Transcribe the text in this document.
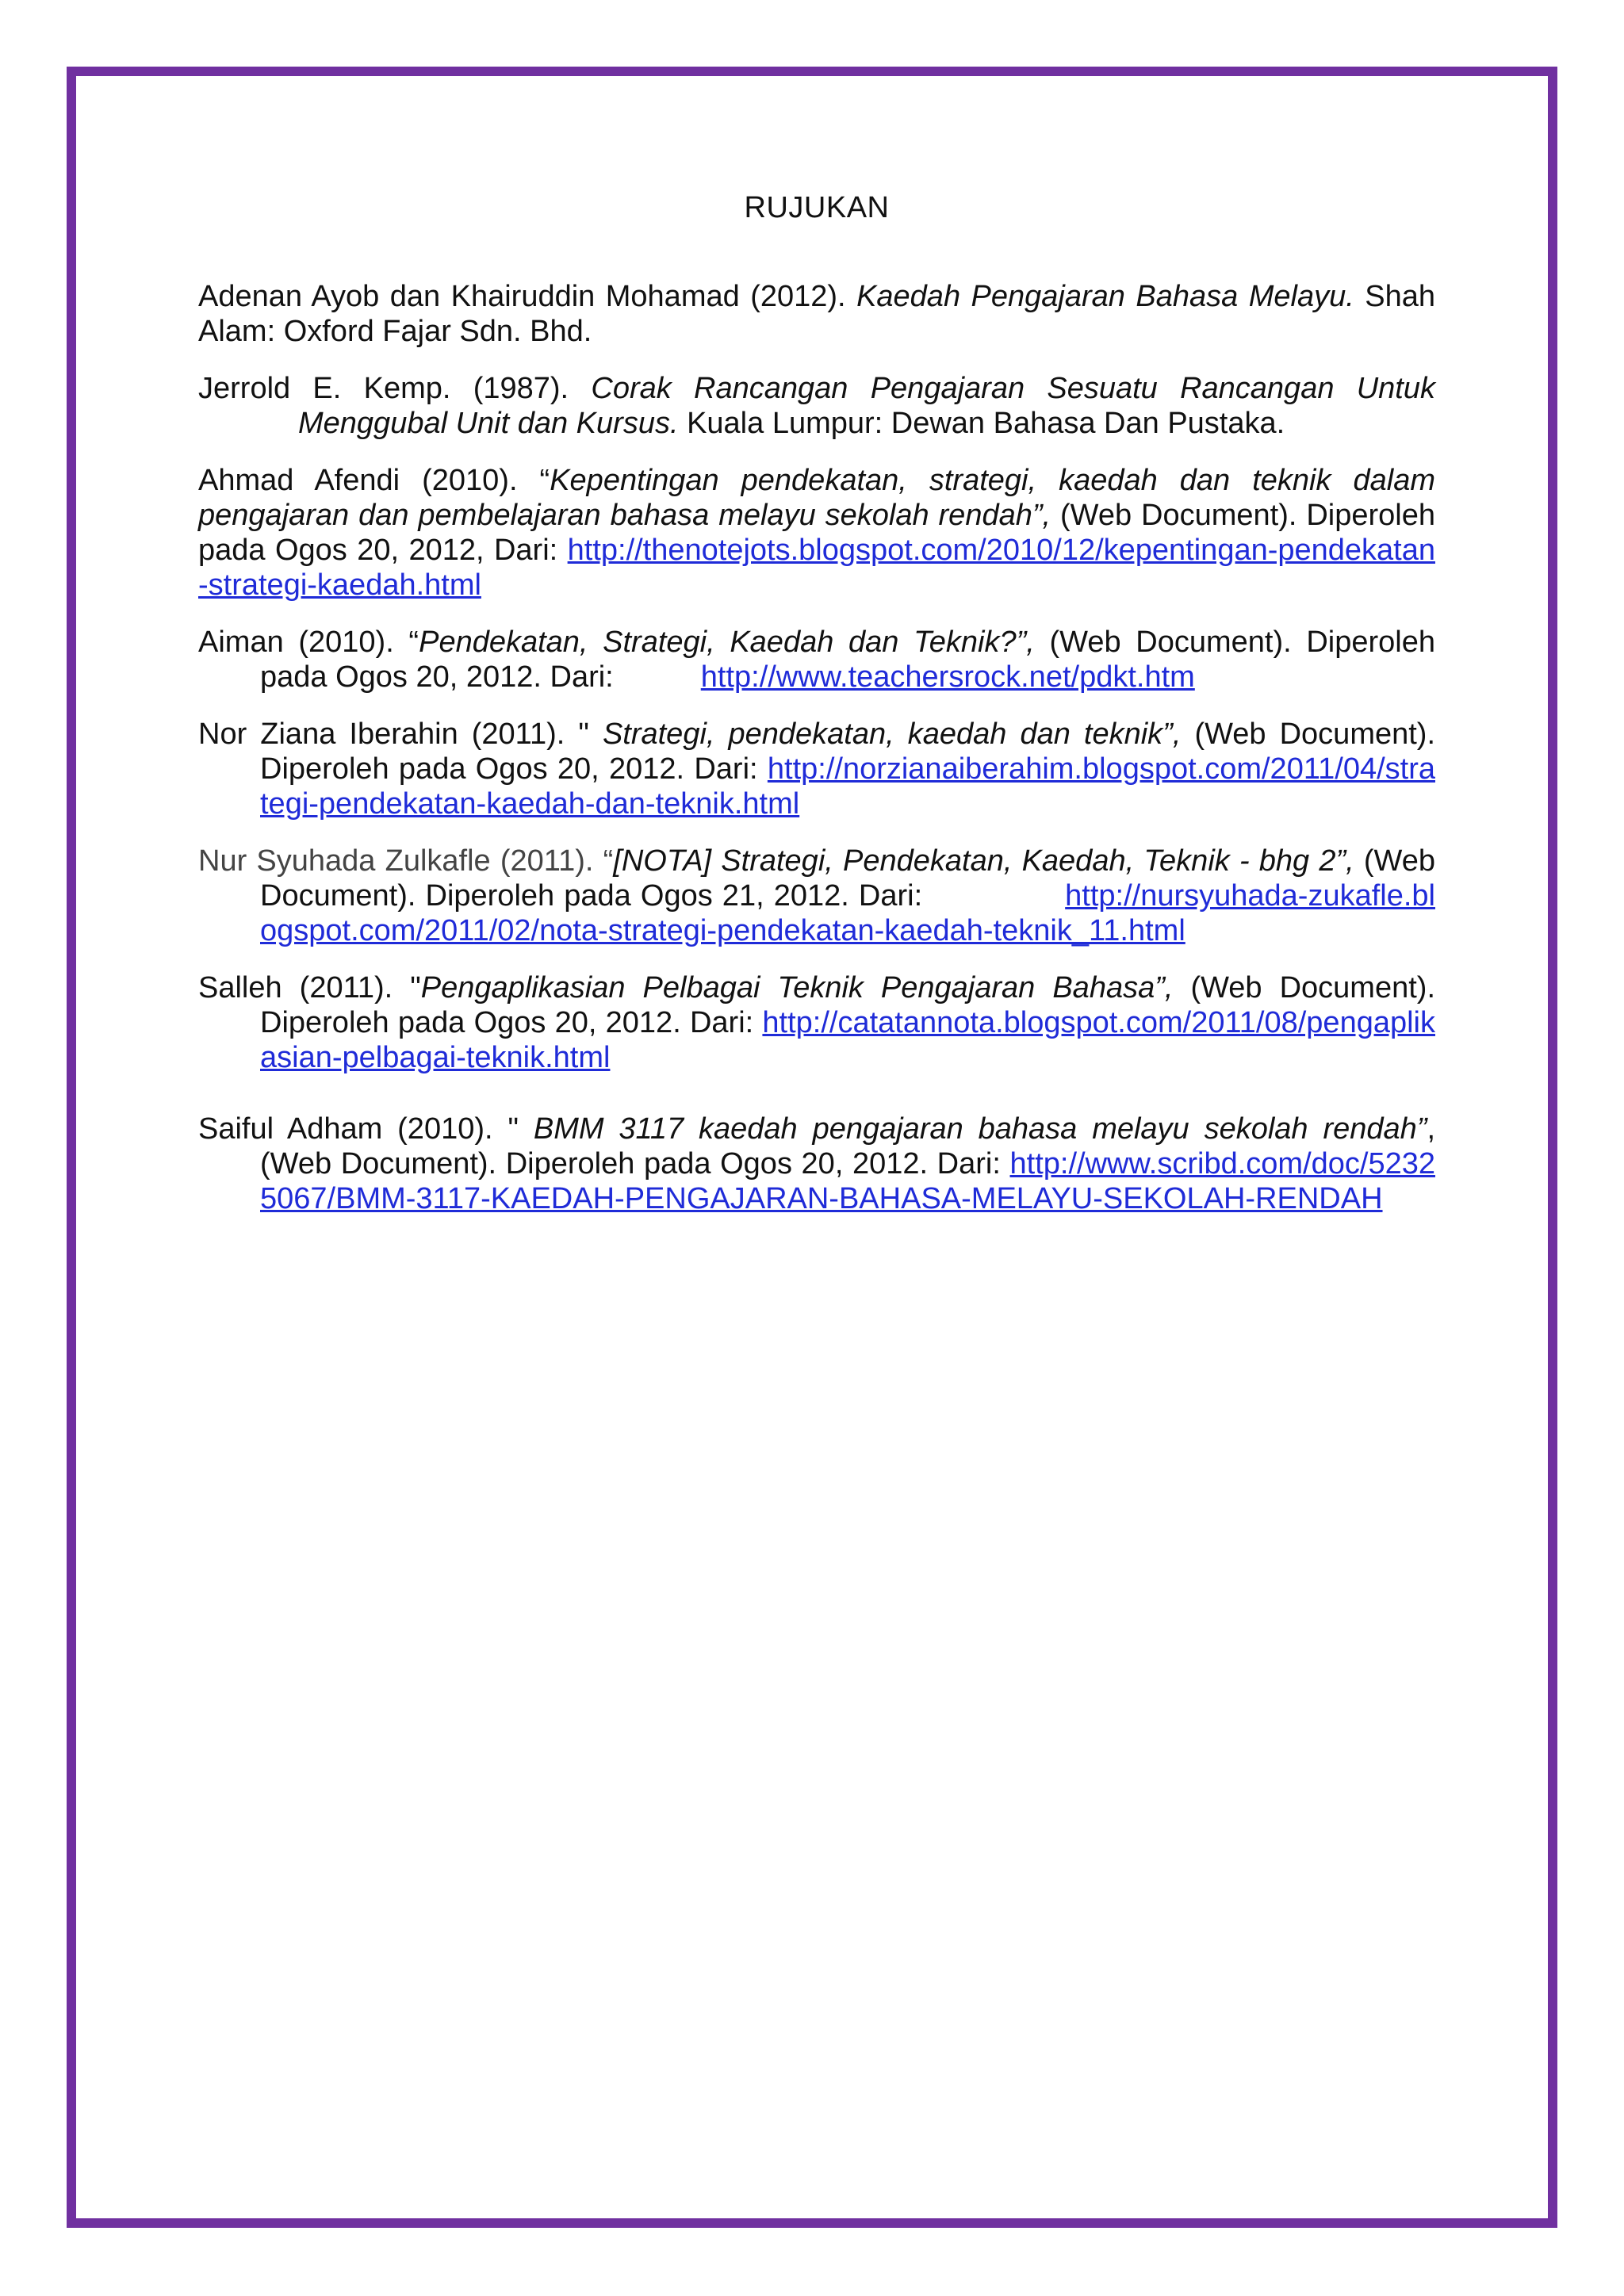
RUJUKAN

Adenan Ayob dan Khairuddin Mohamad (2012). Kaedah Pengajaran Bahasa Melayu. Shah Alam: Oxford Fajar Sdn. Bhd.

Jerrold E. Kemp. (1987). Corak Rancangan Pengajaran Sesuatu Rancangan Untuk Menggubal Unit dan Kursus. Kuala Lumpur: Dewan Bahasa Dan Pustaka.

Ahmad Afendi (2010). “Kepentingan pendekatan, strategi, kaedah dan teknik dalam pengajaran dan pembelajaran bahasa melayu sekolah rendah”, (Web Document). Diperoleh pada Ogos 20, 2012, Dari: http://thenotejots.blogspot.com/2010/12/kepentingan-pendekatan-strategi-kaedah.html

Aiman (2010). “Pendekatan, Strategi, Kaedah dan Teknik?”, (Web Document). Diperoleh pada Ogos 20, 2012. Dari:	http://www.teachersrock.net/pdkt.htm

Nor Ziana Iberahin (2011). " Strategi, pendekatan, kaedah dan teknik”, (Web Document). Diperoleh pada Ogos 20, 2012. Dari: http://norzianaiberahim.blogspot.com/2011/04/strategi-pendekatan-kaedah-dan-teknik.html

Nur Syuhada Zulkafle (2011). “[NOTA] Strategi, Pendekatan, Kaedah, Teknik - bhg 2”, (Web Document). Diperoleh pada Ogos 21, 2012. Dari:	http://nursyuhada-zukafle.blogspot.com/2011/02/nota-strategi-pendekatan-kaedah-teknik_11.html

Salleh (2011). "Pengaplikasian Pelbagai Teknik Pengajaran Bahasa”, (Web Document). Diperoleh pada Ogos 20, 2012. Dari: http://catatannota.blogspot.com/2011/08/pengaplikasian-pelbagai-teknik.html

Saiful Adham (2010). " BMM 3117 kaedah pengajaran bahasa melayu sekolah rendah”, (Web Document). Diperoleh pada Ogos 20, 2012. Dari: http://www.scribd.com/doc/52325067/BMM-3117-KAEDAH-PENGAJARAN-BAHASA-MELAYU-SEKOLAH-RENDAH
